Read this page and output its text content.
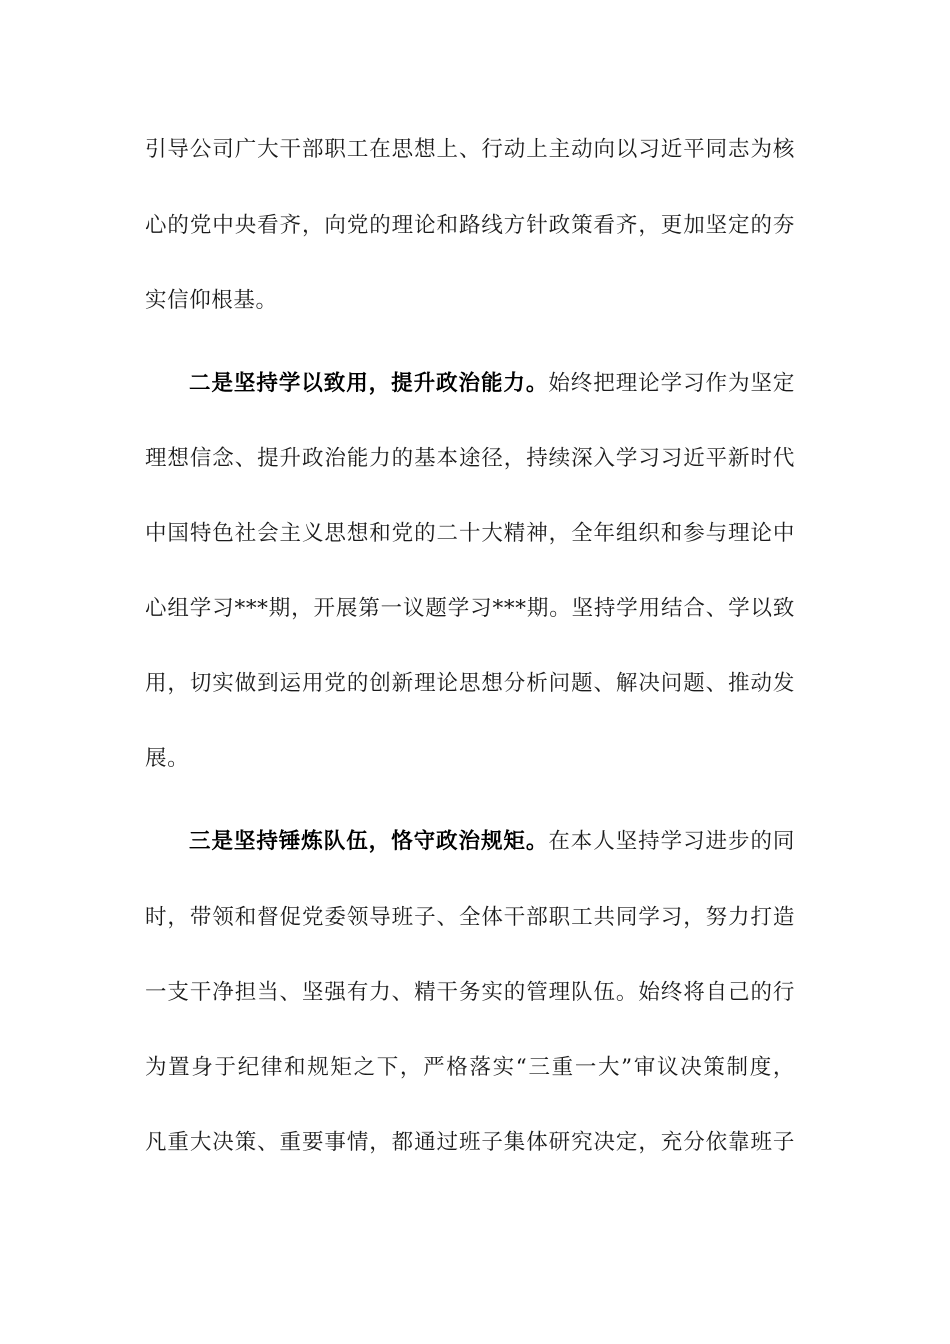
引导公司广大干部职工在思想上、行动上主动向以习近平同志为核
心的党中央看齐，向党的理论和路线方针政策看齐，更加坚定的夯
实信仰根基。
二是坚持学以致用，提升政治能力。始终把理论学习作为坚定
理想信念、提升政治能力的基本途径，持续深入学习习近平新时代
中国特色社会主义思想和党的二十大精神，全年组织和参与理论中
心组学习***期，开展第一议题学习***期。坚持学用结合、学以致
用，切实做到运用党的创新理论思想分析问题、解决问题、推动发
展。
三是坚持锤炼队伍，恪守政治规矩。在本人坚持学习进步的同
时，带领和督促党委领导班子、全体干部职工共同学习，努力打造
一支干净担当、坚强有力、精干务实的管理队伍。始终将自己的行
为置身于纪律和规矩之下，严格落实“三重一大”审议决策制度，
凡重大决策、重要事情，都通过班子集体研究决定，充分依靠班子
